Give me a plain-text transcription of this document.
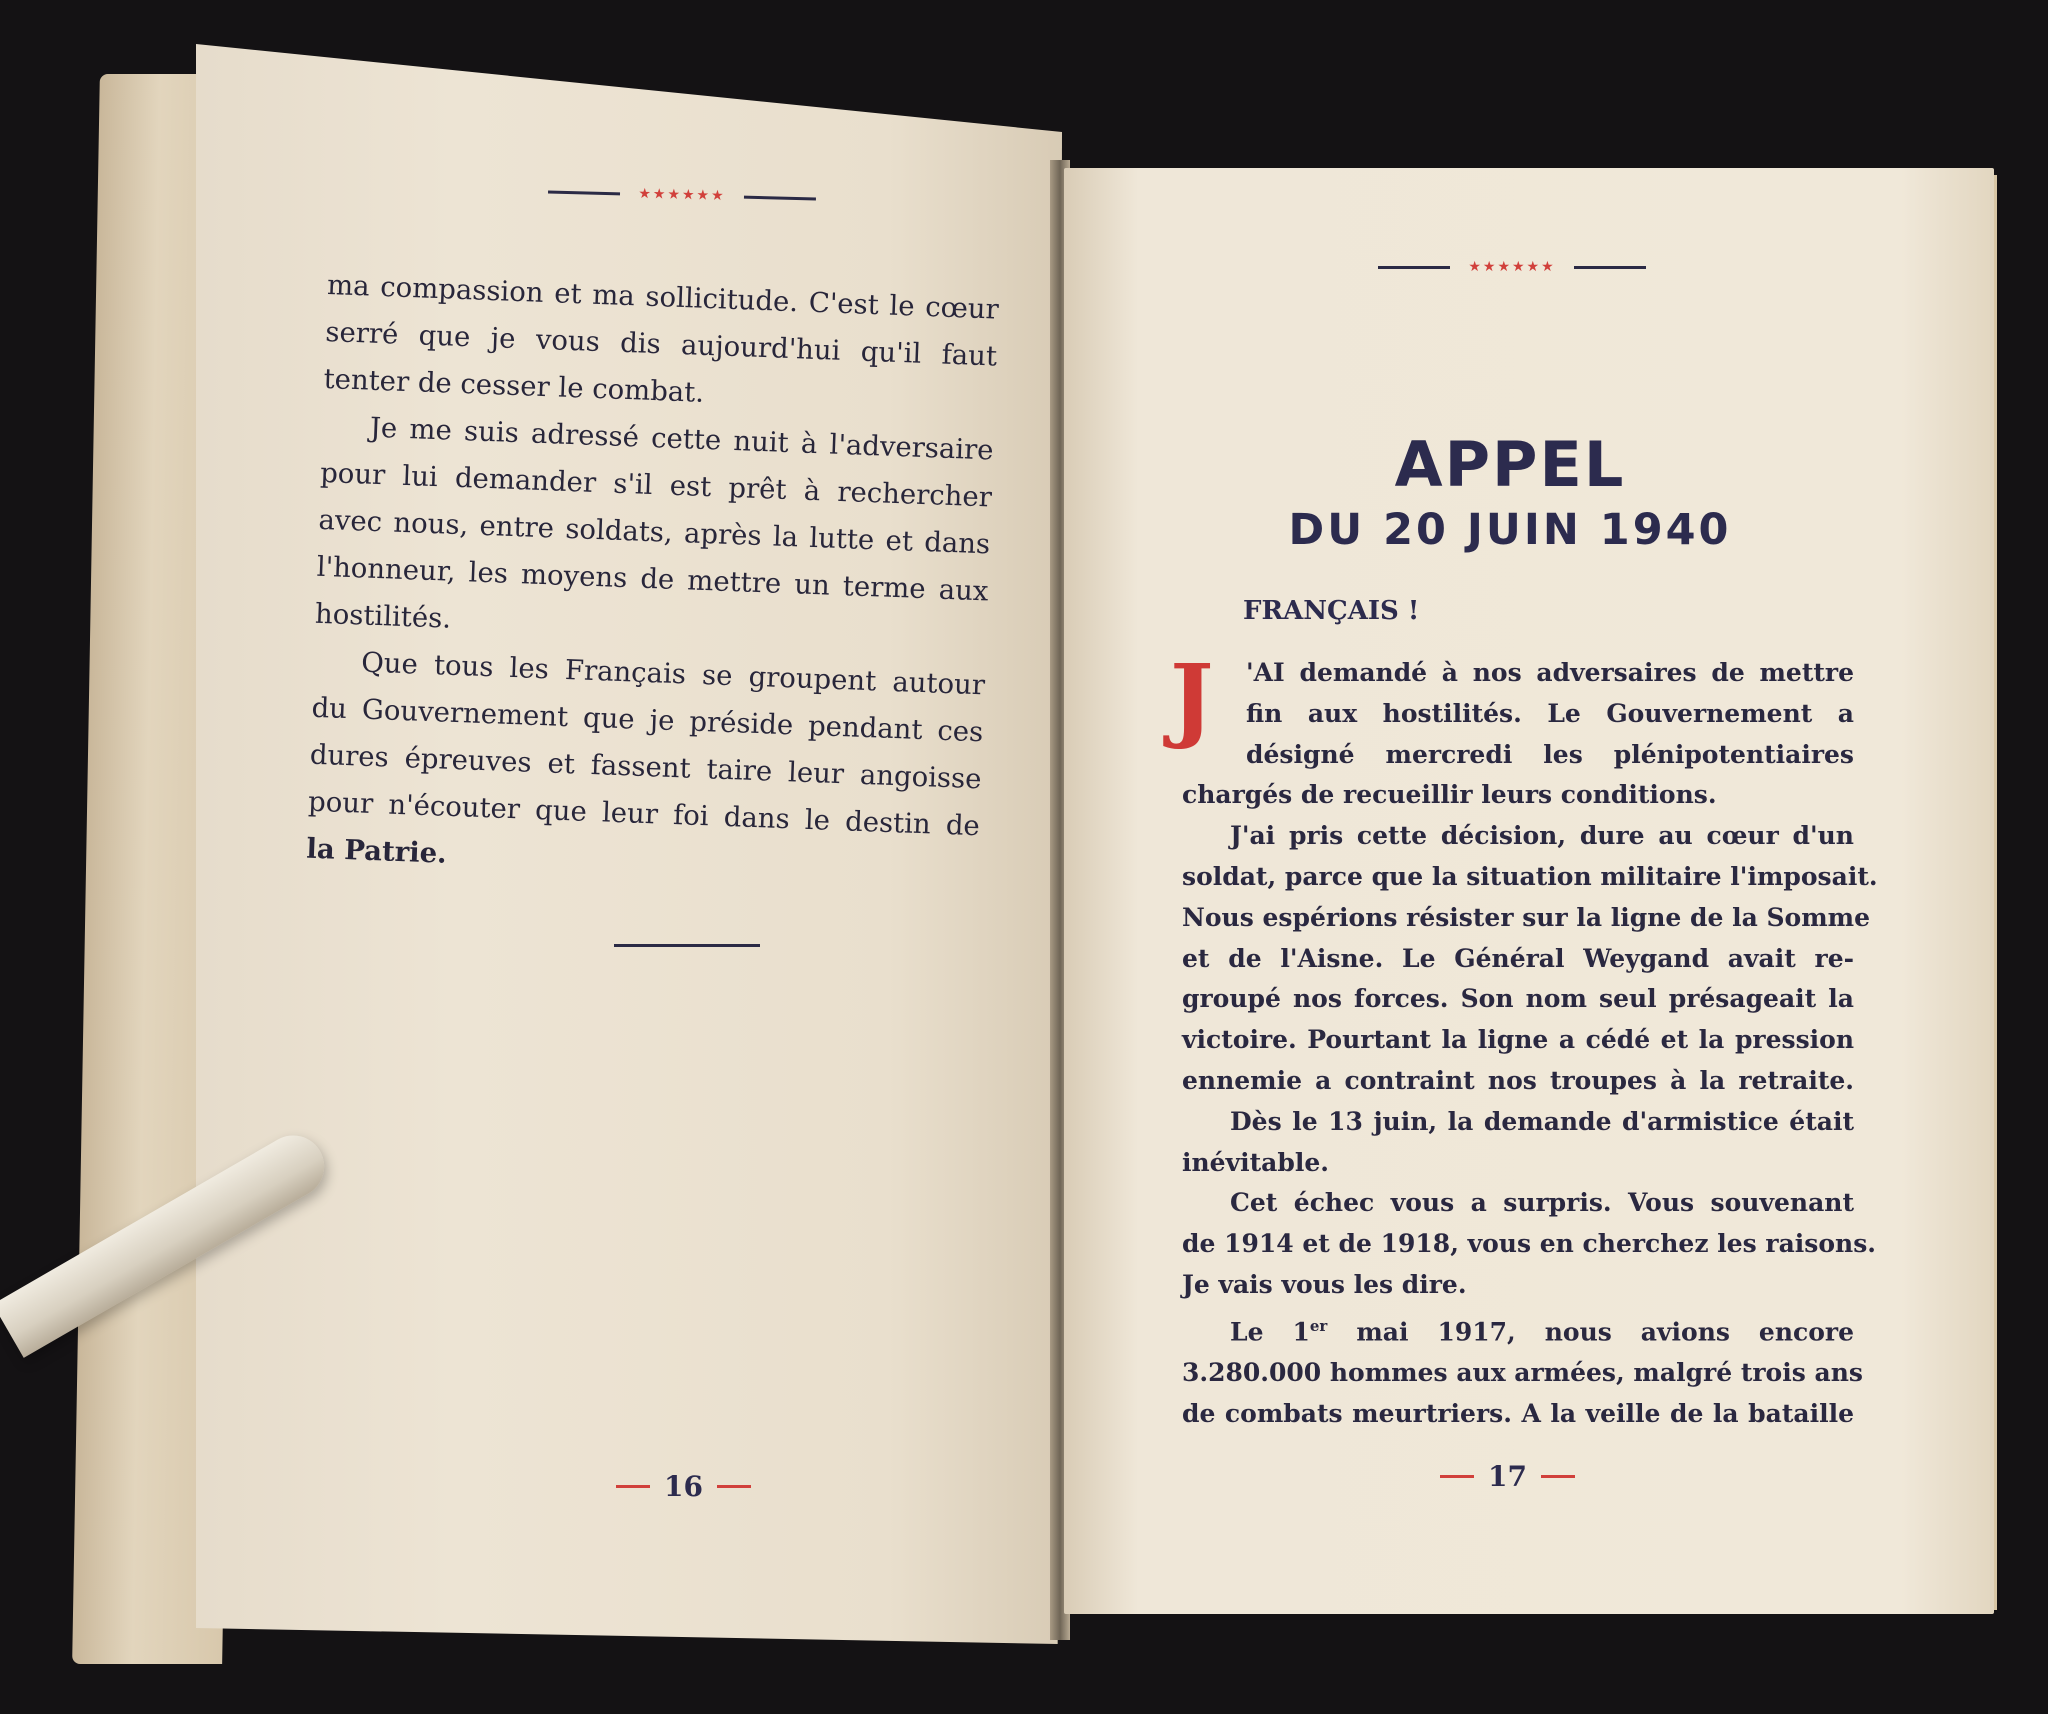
★★★★★★
ma compassion et ma sollicitude. C'est le cœur
serré que je vous dis aujourd'hui qu'il faut
tenter de cesser le combat.
Je me suis adressé cette nuit à l'adversaire
pour lui demander s'il est prêt à rechercher
avec nous, entre soldats, après la lutte et dans
l'honneur, les moyens de mettre un terme aux
hostilités.
Que tous les Français se groupent autour
du Gouvernement que je préside pendant ces
dures épreuves et fassent taire leur angoisse
pour n'écouter que leur foi dans le destin de
la Patrie.
16
★★★★★★
APPEL
DU 20 JUIN 1940
FRANÇAIS !
J	'AI demandé à nos adversaires de mettre
fin aux hostilités. Le Gouvernement a
désigné mercredi les plénipotentiaires
chargés de recueillir leurs conditions.
J'ai pris cette décision, dure au cœur d'un
soldat, parce que la situation militaire l'imposait.
Nous espérions résister sur la ligne de la Somme
et de l'Aisne. Le Général Weygand avait re-
groupé nos forces. Son nom seul présageait la
victoire. Pourtant la ligne a cédé et la pression
ennemie a contraint nos troupes à la retraite.
Dès le 13 juin, la demande d'armistice était
inévitable.
Cet échec vous a surpris. Vous souvenant
de 1914 et de 1918, vous en cherchez les raisons.
Je vais vous les dire.
Le 1er mai 1917, nous avions encore
3.280.000 hommes aux armées, malgré trois ans
de combats meurtriers. A la veille de la bataille
17
